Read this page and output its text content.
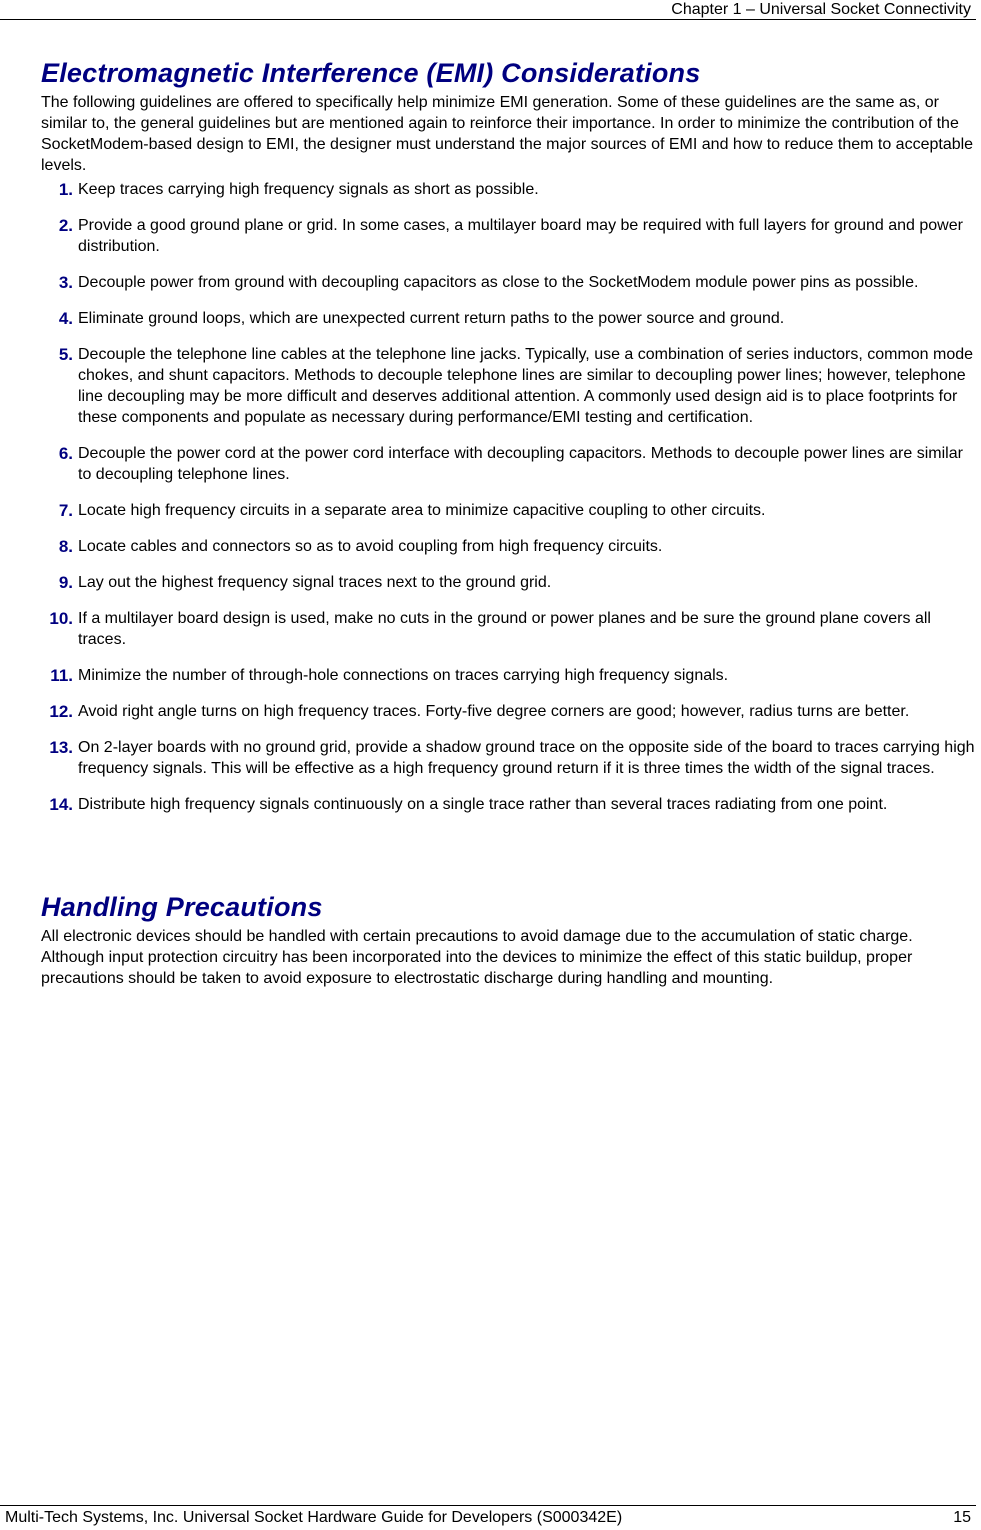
Chapter 1 – Universal Socket Connectivity
Electromagnetic Interference (EMI) Considerations

The following guidelines are offered to specifically help minimize EMI generation. Some of these guidelines are the same as, or similar to, the general guidelines but are mentioned again to reinforce their importance. In order to minimize the contribution of the SocketModem-based design to EMI, the designer must understand the major sources of EMI and how to reduce them to acceptable levels.

1. Keep traces carrying high frequency signals as short as possible.
2. Provide a good ground plane or grid. In some cases, a multilayer board may be required with full layers for ground and power distribution.
3. Decouple power from ground with decoupling capacitors as close to the SocketModem module power pins as possible.
4. Eliminate ground loops, which are unexpected current return paths to the power source and ground.
5. Decouple the telephone line cables at the telephone line jacks. Typically, use a combination of series inductors, common mode chokes, and shunt capacitors. Methods to decouple telephone lines are similar to decoupling power lines; however, telephone line decoupling may be more difficult and deserves additional attention. A commonly used design aid is to place footprints for these components and populate as necessary during performance/EMI testing and certification.
6. Decouple the power cord at the power cord interface with decoupling capacitors. Methods to decouple power lines are similar to decoupling telephone lines.
7. Locate high frequency circuits in a separate area to minimize capacitive coupling to other circuits.
8. Locate cables and connectors so as to avoid coupling from high frequency circuits.
9. Lay out the highest frequency signal traces next to the ground grid.
10. If a multilayer board design is used, make no cuts in the ground or power planes and be sure the ground plane covers all traces.
11. Minimize the number of through-hole connections on traces carrying high frequency signals.
12. Avoid right angle turns on high frequency traces. Forty-five degree corners are good; however, radius turns are better.
13. On 2-layer boards with no ground grid, provide a shadow ground trace on the opposite side of the board to traces carrying high frequency signals. This will be effective as a high frequency ground return if it is three times the width of the signal traces.
14. Distribute high frequency signals continuously on a single trace rather than several traces radiating from one point.
Handling Precautions

All electronic devices should be handled with certain precautions to avoid damage due to the accumulation of static charge. Although input protection circuitry has been incorporated into the devices to minimize the effect of this static buildup, proper precautions should be taken to avoid exposure to electrostatic discharge during handling and mounting.

Multi-Tech Systems, Inc. Universal Socket Hardware Guide for Developers (S000342E)	15
